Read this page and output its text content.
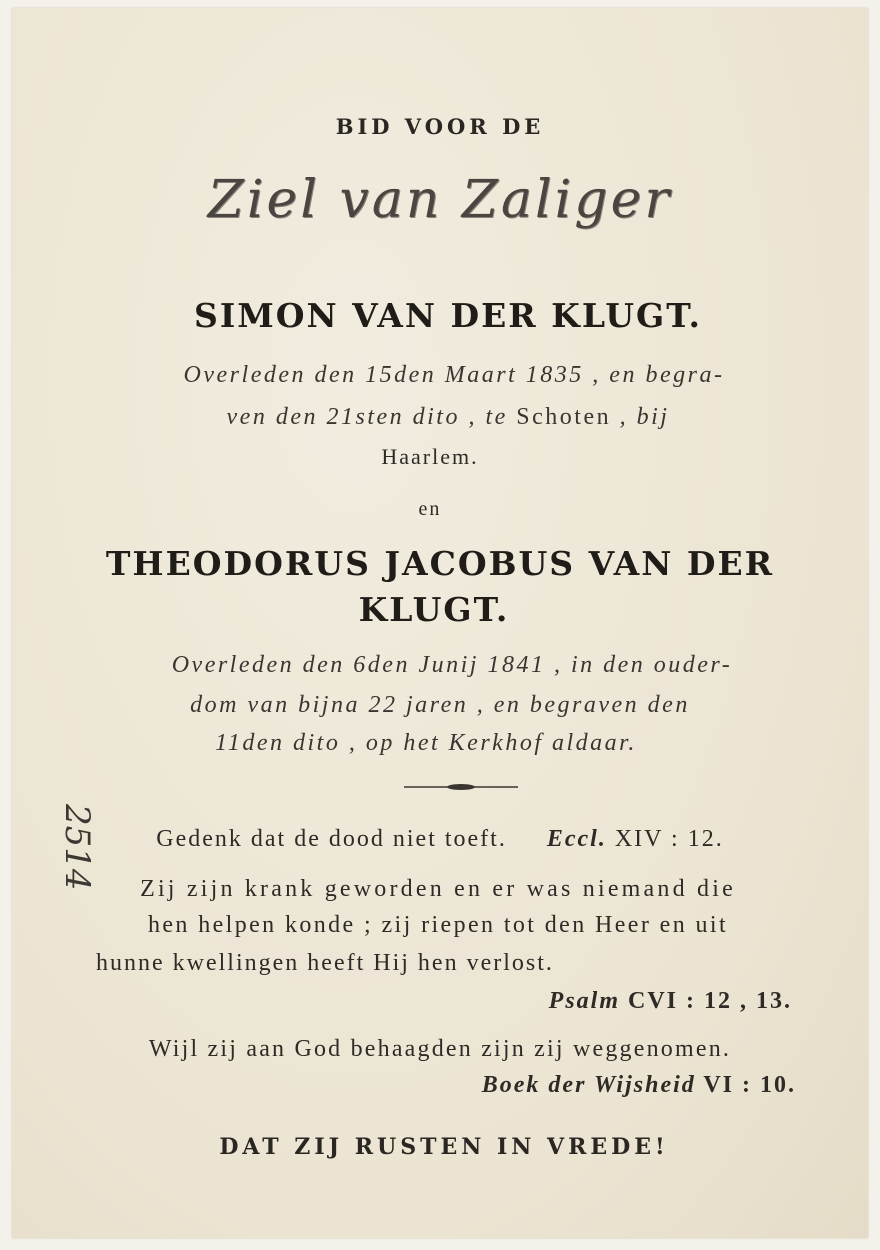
BID VOOR DE
Ziel van Zaliger
SIMON VAN DER KLUGT.
Overleden den 15den Maart 1835 , en begra-
ven den 21sten dito , te Schoten , bij
Haarlem.
en
THEODORUS JACOBUS VAN DER
KLUGT.
Overleden den 6den Junij 1841 , in den ouder-
dom van bijna 22 jaren , en begraven den
11den dito , op het Kerkhof aldaar.
Gedenk dat de dood niet toeft. Eccl. XIV : 12.
Zij zijn krank geworden en er was niemand die
hen helpen konde ; zij riepen tot den Heer en uit
hunne kwellingen heeft Hij hen verlost.
Psalm CVI : 12 , 13.
Wijl zij aan God behaagden zijn zij weggenomen.
Boek der Wijsheid VI : 10.
DAT ZIJ RUSTEN IN VREDE!
2514
